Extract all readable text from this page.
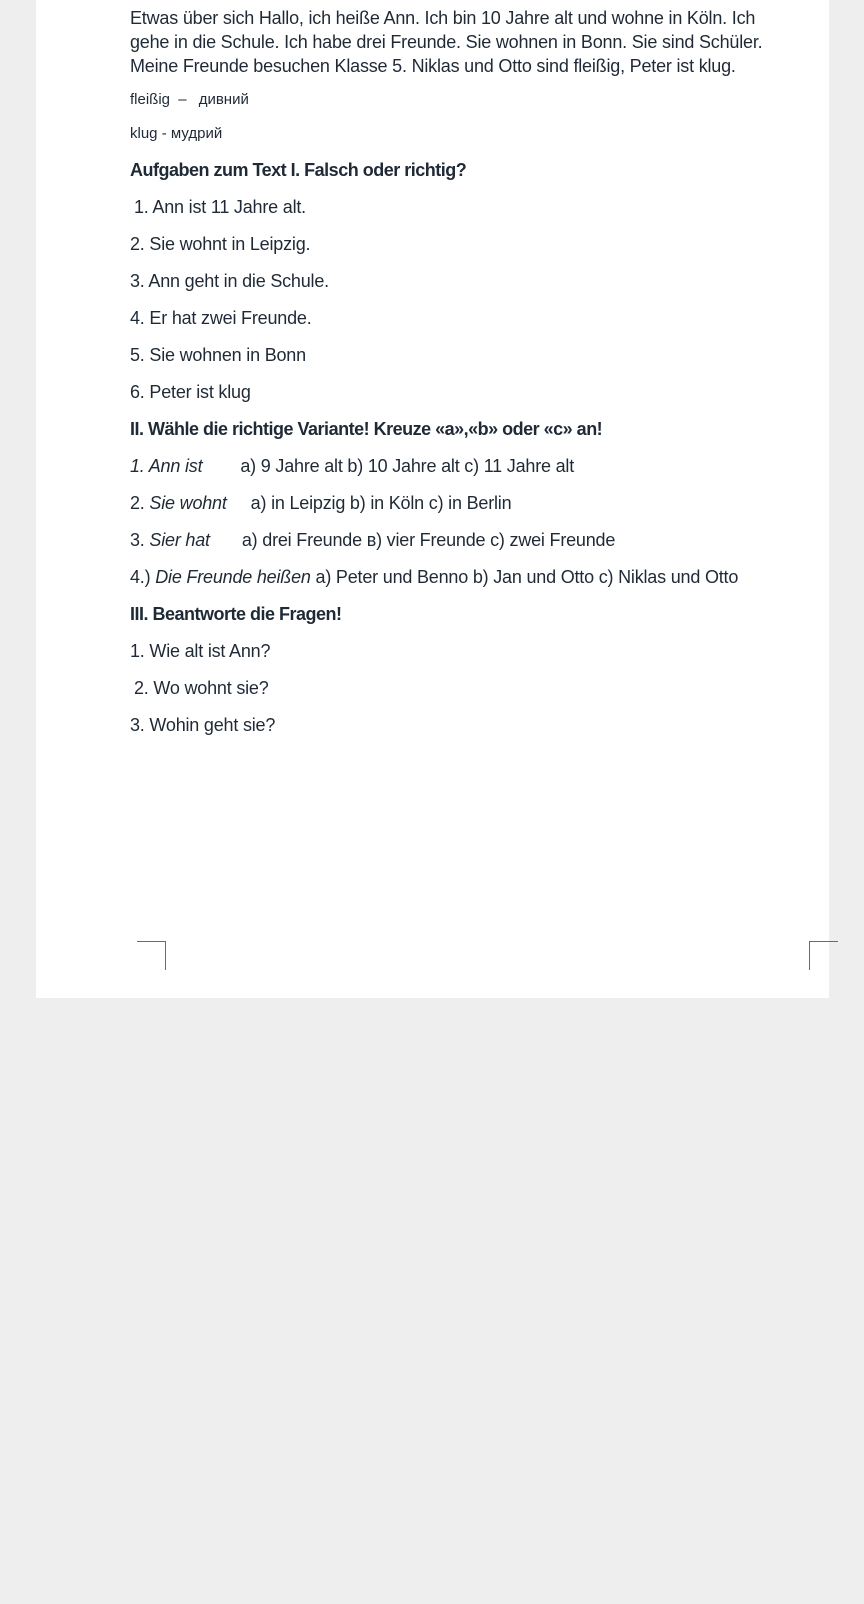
Etwas über sich Hallo, ich heiße Ann. Ich bin 10 Jahre alt und wohne in Köln. Ich gehe in die Schule. Ich habe drei Freunde. Sie wohnen in Bonn. Sie sind Schüler. Meine Freunde besuchen Klasse 5. Niklas und Otto sind fleißig, Peter ist klug.

fleißig – дивний
klug - мудрий
Aufgaben zum Text I. Falsch oder richtig?
1. Ann ist 11 Jahre alt.
2. Sie wohnt in Leipzig.
3. Ann geht in die Schule.
4. Er hat zwei Freunde.
5. Sie wohnen in Bonn
6. Peter ist klug
II. Wähle die richtige Variante! Kreuze «a»,«b» oder «c» an!
1. Ann ist a) 9 Jahre alt b) 10 Jahre alt c) 11 Jahre alt
2. Sie wohnt a) in Leipzig b) in Köln c) in Berlin
3. Sier hat a) drei Freunde в) vier Freunde c) zwei Freunde
4.) Die Freunde heißen a) Peter und Benno b) Jan und Otto c) Niklas und Otto
III. Beantworte die Fragen!
1. Wie alt ist Ann?
2. Wo wohnt sie?
3. Wohin geht sie?
